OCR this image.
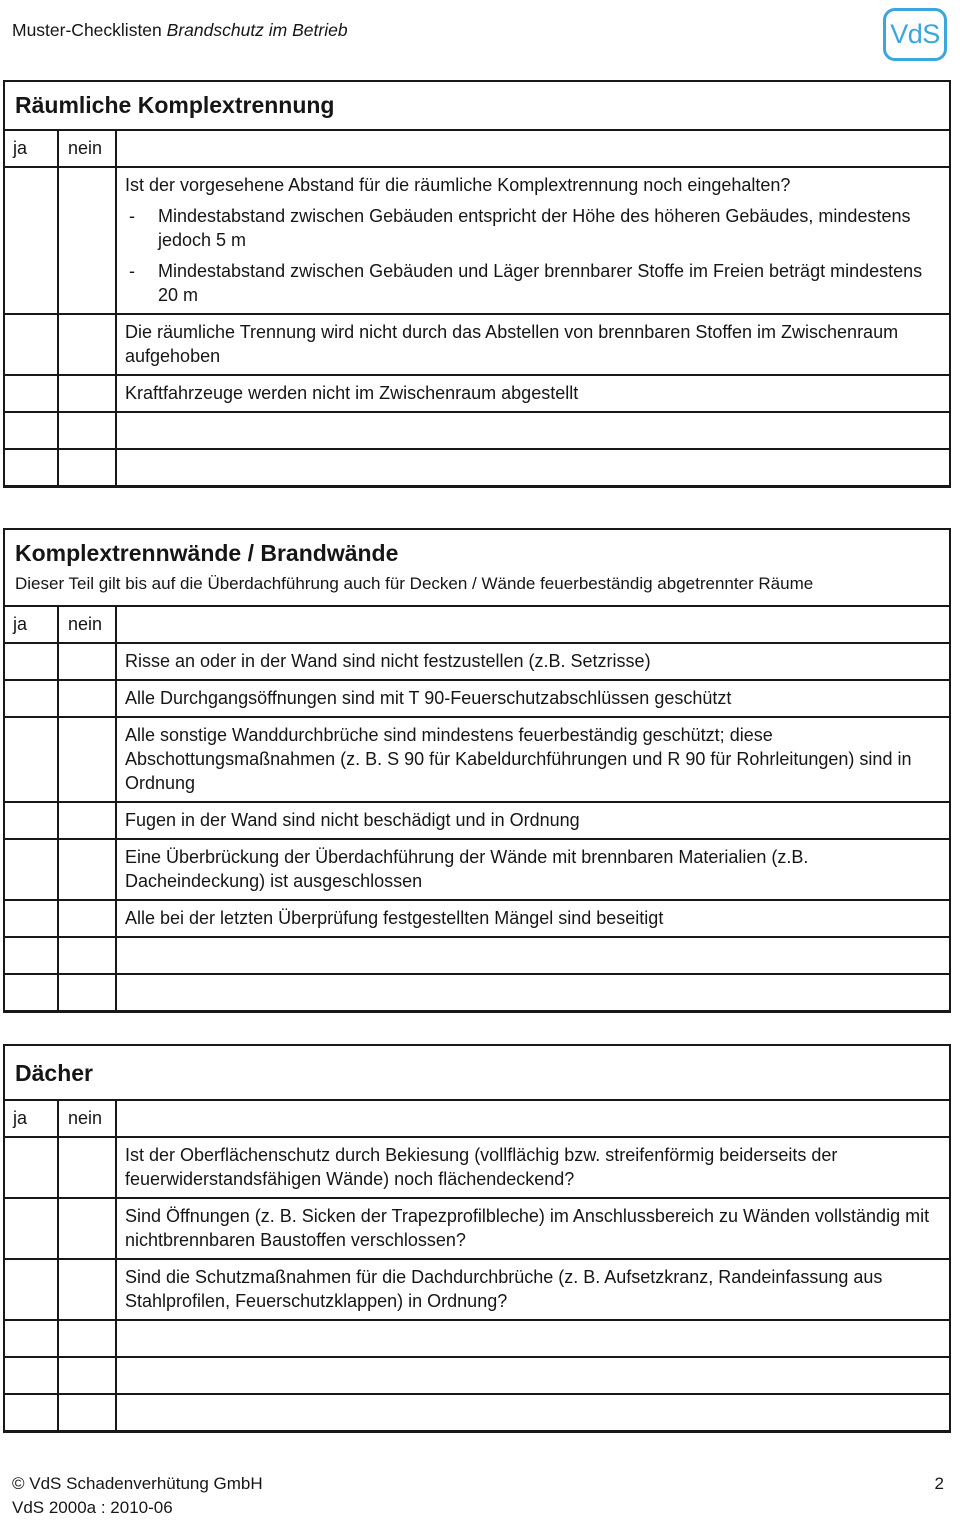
Muster-Checklisten Brandschutz im Betrieb	VdS
Räumliche Komplextrennung
ja	nein
Ist der vorgesehene Abstand für die räumliche Komplextrennung noch eingehalten?
-	Mindestabstand zwischen Gebäuden entspricht der Höhe des höheren Gebäudes, mindestens jedoch 5 m
-	Mindestabstand zwischen Gebäuden und Läger brennbarer Stoffe im Freien beträgt mindestens 20 m
Die räumliche Trennung wird nicht durch das Abstellen von brennbaren Stoffen im Zwischenraum aufgehoben
Kraftfahrzeuge werden nicht im Zwischenraum abgestellt
Komplextrennwände / Brandwände
Dieser Teil gilt bis auf die Überdachführung auch für Decken / Wände feuerbeständig abgetrennter Räume
ja	nein
Risse an oder in der Wand sind nicht festzustellen (z.B. Setzrisse)
Alle Durchgangsöffnungen sind mit T 90-Feuerschutzabschlüssen geschützt
Alle sonstige Wanddurchbrüche sind mindestens feuerbeständig geschützt; diese Abschottungsmaßnahmen (z. B. S 90 für Kabeldurchführungen und R 90 für Rohrleitungen) sind in Ordnung
Fugen in der Wand sind nicht beschädigt und in Ordnung
Eine Überbrückung der Überdachführung der Wände mit brennbaren Materialien (z.B. Dacheindeckung) ist ausgeschlossen
Alle bei der letzten Überprüfung festgestellten Mängel sind beseitigt
Dächer
ja	nein
Ist der Oberflächenschutz durch Bekiesung (vollflächig bzw. streifenförmig beiderseits der feuerwiderstandsfähigen Wände) noch flächendeckend?
Sind Öffnungen (z. B. Sicken der Trapezprofilbleche) im Anschlussbereich zu Wänden vollständig mit nichtbrennbaren Baustoffen verschlossen?
Sind die Schutzmaßnahmen für die Dachdurchbrüche (z. B. Aufsetzkranz, Randeinfassung aus Stahlprofilen, Feuerschutzklappen) in Ordnung?
© VdS Schadenverhütung GmbH
VdS 2000a : 2010-06
2
